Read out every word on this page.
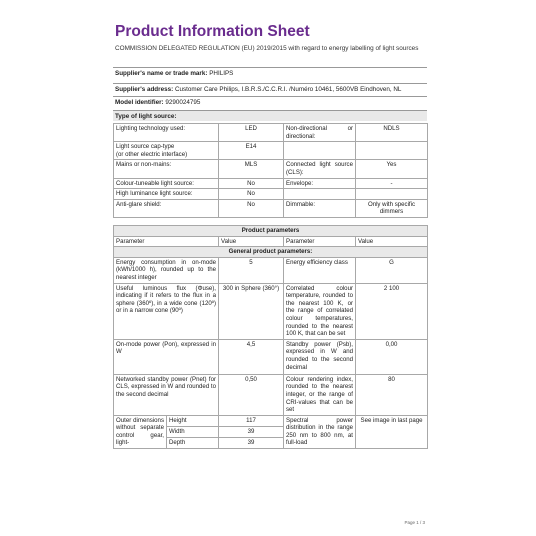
Product Information Sheet
COMMISSION DELEGATED REGULATION (EU) 2019/2015 with regard to energy labelling of light sources
Supplier's name or trade mark: PHILIPS
Supplier's address: Customer Care Philips, I.B.R.S./C.C.R.I. /Numéro 10461, 5600VB Eindhoven, NL
Model identifier: 9290024795
Type of light source:
Lighting technology used:	LED	Non-directional or directional:	NDLS
Light source cap-type
(or other electric interface)	E14		
Mains or non-mains:	MLS	Connected light source (CLS):	Yes
Colour-tuneable light source:	No	Envelope:	-
High luminance light source:	No		
Anti-glare shield:	No	Dimmable:	Only with specific dimmers
Product parameters				
Parameter		Value	Parameter	Value
General product parameters:				
Energy consumption in on-mode (kWh/1000 h), rounded up to the nearest integer		5	Energy efficiency class	G
Useful luminous flux (Φuse), indicating if it refers to the flux in a sphere (360º), in a wide cone (120º) or in a narrow cone (90º)		300 in Sphere (360°)	Correlated colour temperature, rounded to the nearest 100 K, or the range of correlated colour temperatures, rounded to the nearest 100 K, that can be set	2 100
On-mode power (Pon), expressed in W		4,5	Standby power (Psb), expressed in W and rounded to the second decimal	0,00
Networked standby power (Pnet) for CLS, expressed in W and rounded to the second decimal		0,50	Colour rendering index, rounded to the nearest integer, or the range of CRI-values that can be set	80
Outer dimensions without separate control gear, light-	Height	117	Spectral power distribution in the range 250 nm to 800 nm, at full-load	See image in last page
	Width	39		
	Depth	39		
Page 1 / 3
